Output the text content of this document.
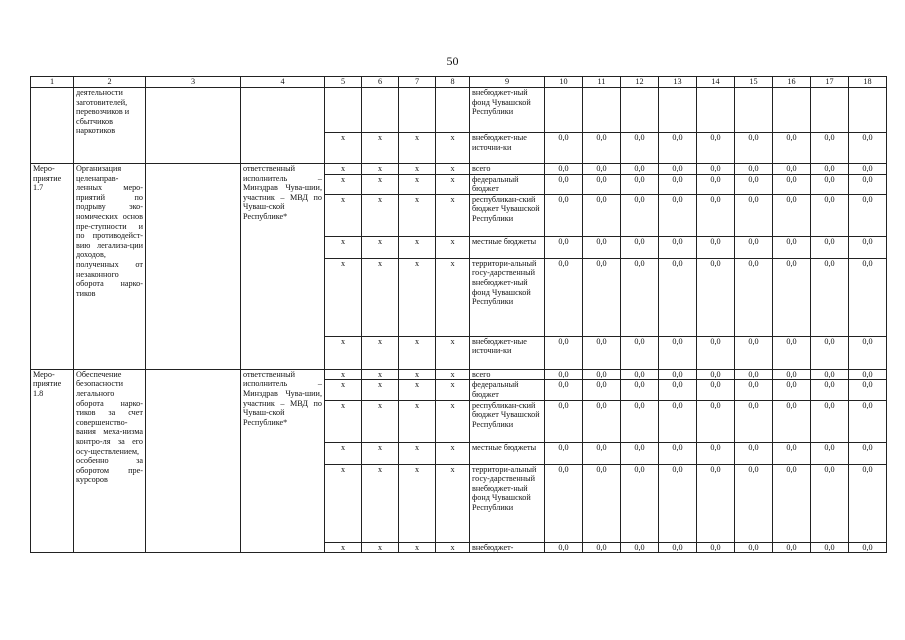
50
1	2	3	4	5	6	7	8	9	10	11	12	13	14	15	16	17	18
	деятельности заготовителей, перевозчиков и сбытчиков наркотиков							внебюджет-ный фонд Чувашской Республики									
				x	x	x	x	внебюджет-ные источни-ки	0,0	0,0	0,0	0,0	0,0	0,0	0,0	0,0	0,0
Меро-приятие 1.7	Организация целенаправ-ленных меро-приятий по подрыву эко-номических основ пре-ступности и по противодейст-вию легализа-ции доходов, полученных от незаконного оборота нарко-тиков		ответственный исполнитель – Минздрав Чува-шии, участник – МВД по Чуваш-ской Республике*	x	x	x	x	всего	0,0	0,0	0,0	0,0	0,0	0,0	0,0	0,0	0,0
				x	x	x	x	федеральный бюджет	0,0	0,0	0,0	0,0	0,0	0,0	0,0	0,0	0,0
				x	x	x	x	республикан-ский бюджет Чувашской Республики	0,0	0,0	0,0	0,0	0,0	0,0	0,0	0,0	0,0
				x	x	x	x	местные бюджеты	0,0	0,0	0,0	0,0	0,0	0,0	0,0	0,0	0,0
				x	x	x	x	территори-альный госу-дарственный внебюджет-ный фонд Чувашской Республики	0,0	0,0	0,0	0,0	0,0	0,0	0,0	0,0	0,0
				x	x	x	x	внебюджет-ные источни-ки	0,0	0,0	0,0	0,0	0,0	0,0	0,0	0,0	0,0
Меро-приятие 1.8	Обеспечение безопасности легального оборота нарко-тиков за счет совершенство-вания меха-низма контро-ля за его осу-ществлением, особенно за оборотом пре-курсоров		ответственный исполнитель – Минздрав Чува-шии, участник – МВД по Чуваш-ской Республике*	x	x	x	x	всего	0,0	0,0	0,0	0,0	0,0	0,0	0,0	0,0	0,0
				x	x	x	x	федеральный бюджет	0,0	0,0	0,0	0,0	0,0	0,0	0,0	0,0	0,0
				x	x	x	x	республикан-ский бюджет Чувашской Республики	0,0	0,0	0,0	0,0	0,0	0,0	0,0	0,0	0,0
				x	x	x	x	местные бюджеты	0,0	0,0	0,0	0,0	0,0	0,0	0,0	0,0	0,0
				x	x	x	x	территори-альный госу-дарственный внебюджет-ный фонд Чувашской Республики	0,0	0,0	0,0	0,0	0,0	0,0	0,0	0,0	0,0
				x	x	x	x	внебюджет-	0,0	0,0	0,0	0,0	0,0	0,0	0,0	0,0	0,0
